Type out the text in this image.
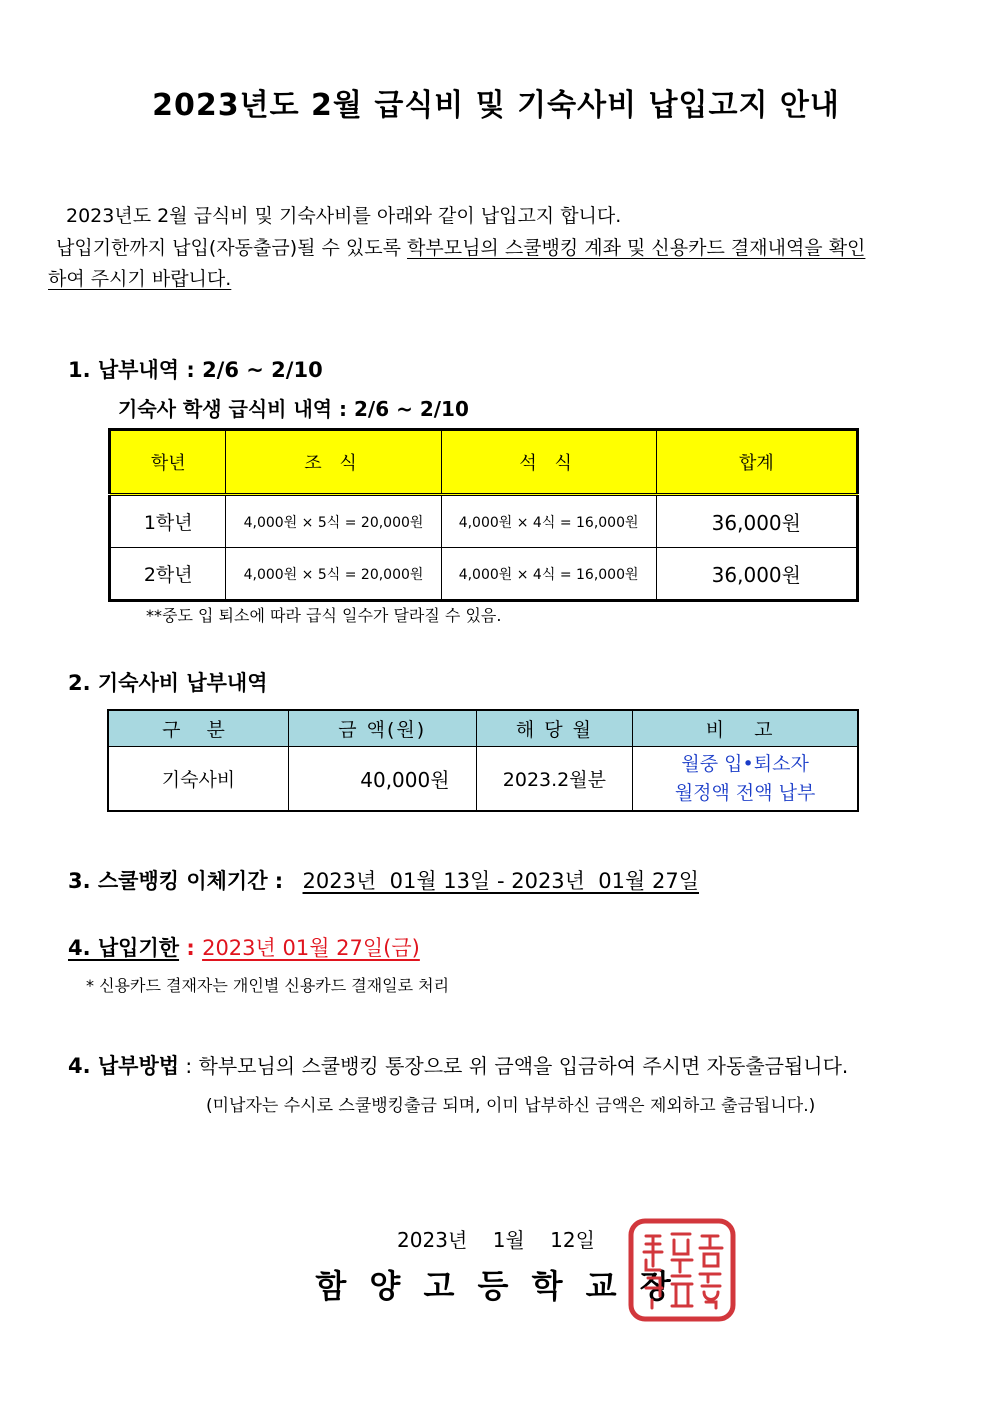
2023년도 2월 급식비 및 기숙사비 납입고지 안내
2023년도 2월 급식비 및 기숙사비를 아래와 같이 납입고지 합니다.
납입기한까지 납입(자동출금)될 수 있도록 학부모님의 스쿨뱅킹 계좌 및 신용카드 결재내역을 확인
하여 주시기 바랍니다.
1. 납부내역 : 2/6 ~ 2/10
기숙사 학생 급식비 내역 : 2/6 ~ 2/10
학년	조 식	석 식	합계
1학년	4,000원 × 5식 = 20,000원	4,000원 × 4식 = 16,000원	36,000원
2학년	4,000원 × 5식 = 20,000원	4,000원 × 4식 = 16,000원	36,000원
**중도 입 퇴소에 따라 급식 일수가 달라질 수 있음.
2. 기숙사비 납부내역
구 분	금 액(원)	해 당 월	비 고
기숙사비	40,000원	2023.2월분	월중 입•퇴소자
월정액 전액 납부
3. 스쿨뱅킹 이체기간 : 2023년  01월 13일 - 2023년  01월 27일
4. 납입기한 : 2023년 01월 27일(금)
* 신용카드 결재자는 개인별 신용카드 결재일로 처리
4. 납부방법 : 학부모님의 스쿨뱅킹 통장으로 위 금액을 입금하여 주시면 자동출금됩니다.
(미납자는 수시로 스쿨뱅킹출금 되며, 이미 납부하신 금액은 제외하고 출금됩니다.)
2023년    1월    12일
함 양 고 등 학 교 장
